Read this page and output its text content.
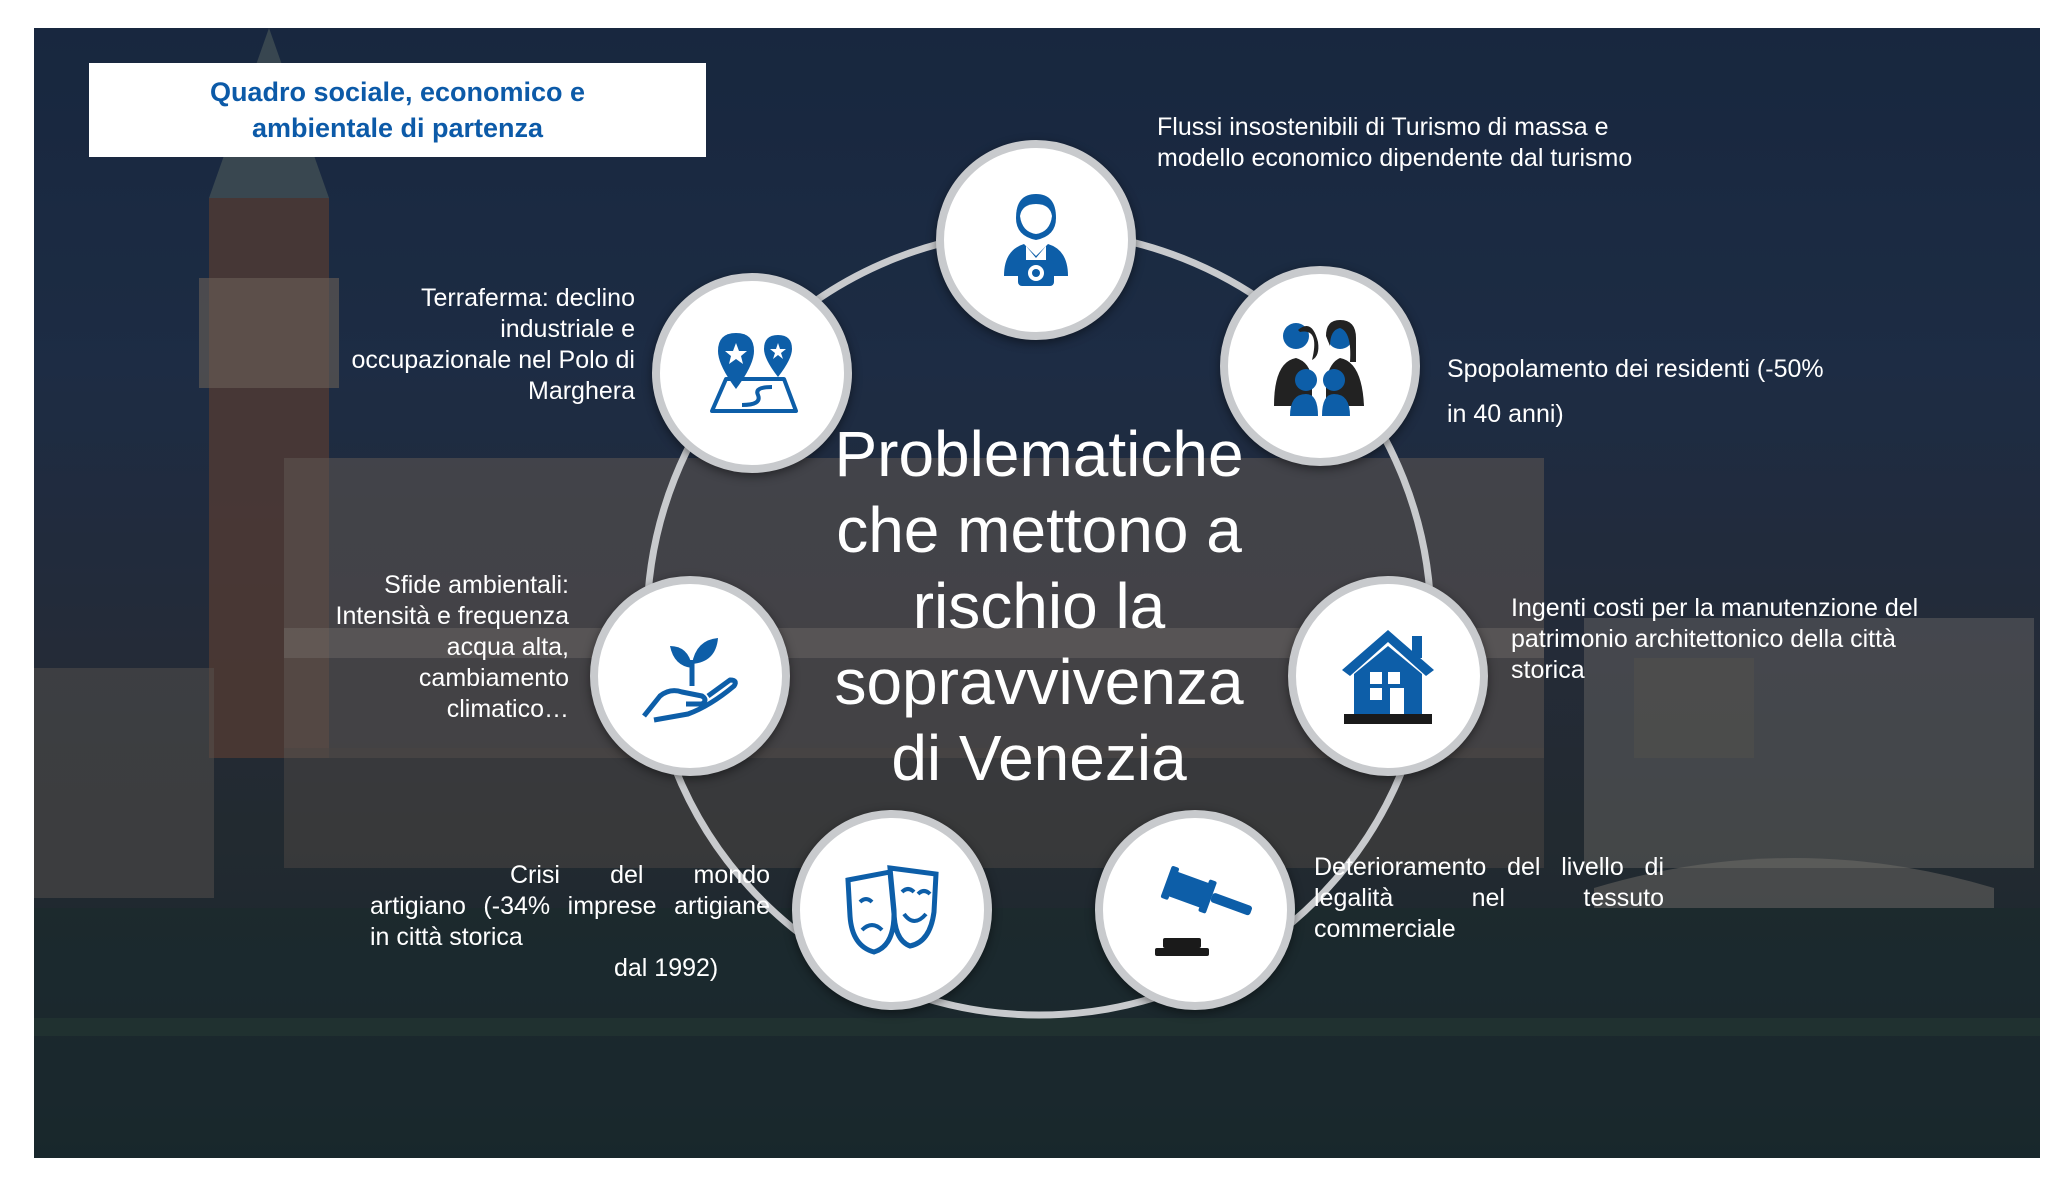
Quadro sociale, economico e ambientale di partenza
Problematiche
che mettono a
rischio la
sopravvivenza
di Venezia
Flussi insostenibili di Turismo di massa e
modello economico dipendente dal turismo
Spopolamento dei residenti (-50%
in 40 anni)
Ingenti costi per la manutenzione del
patrimonio architettonico della città
storica
Deterioramento del livello di
legalità nel tessuto
commerciale
Crisi del mondo
artigiano (-34% imprese artigiane
in città storica
dal 1992)
Sfide ambientali:
Intensità e frequenza
acqua alta,
cambiamento
climatico…
Terraferma: declino
industriale e
occupazionale nel Polo di
Marghera
